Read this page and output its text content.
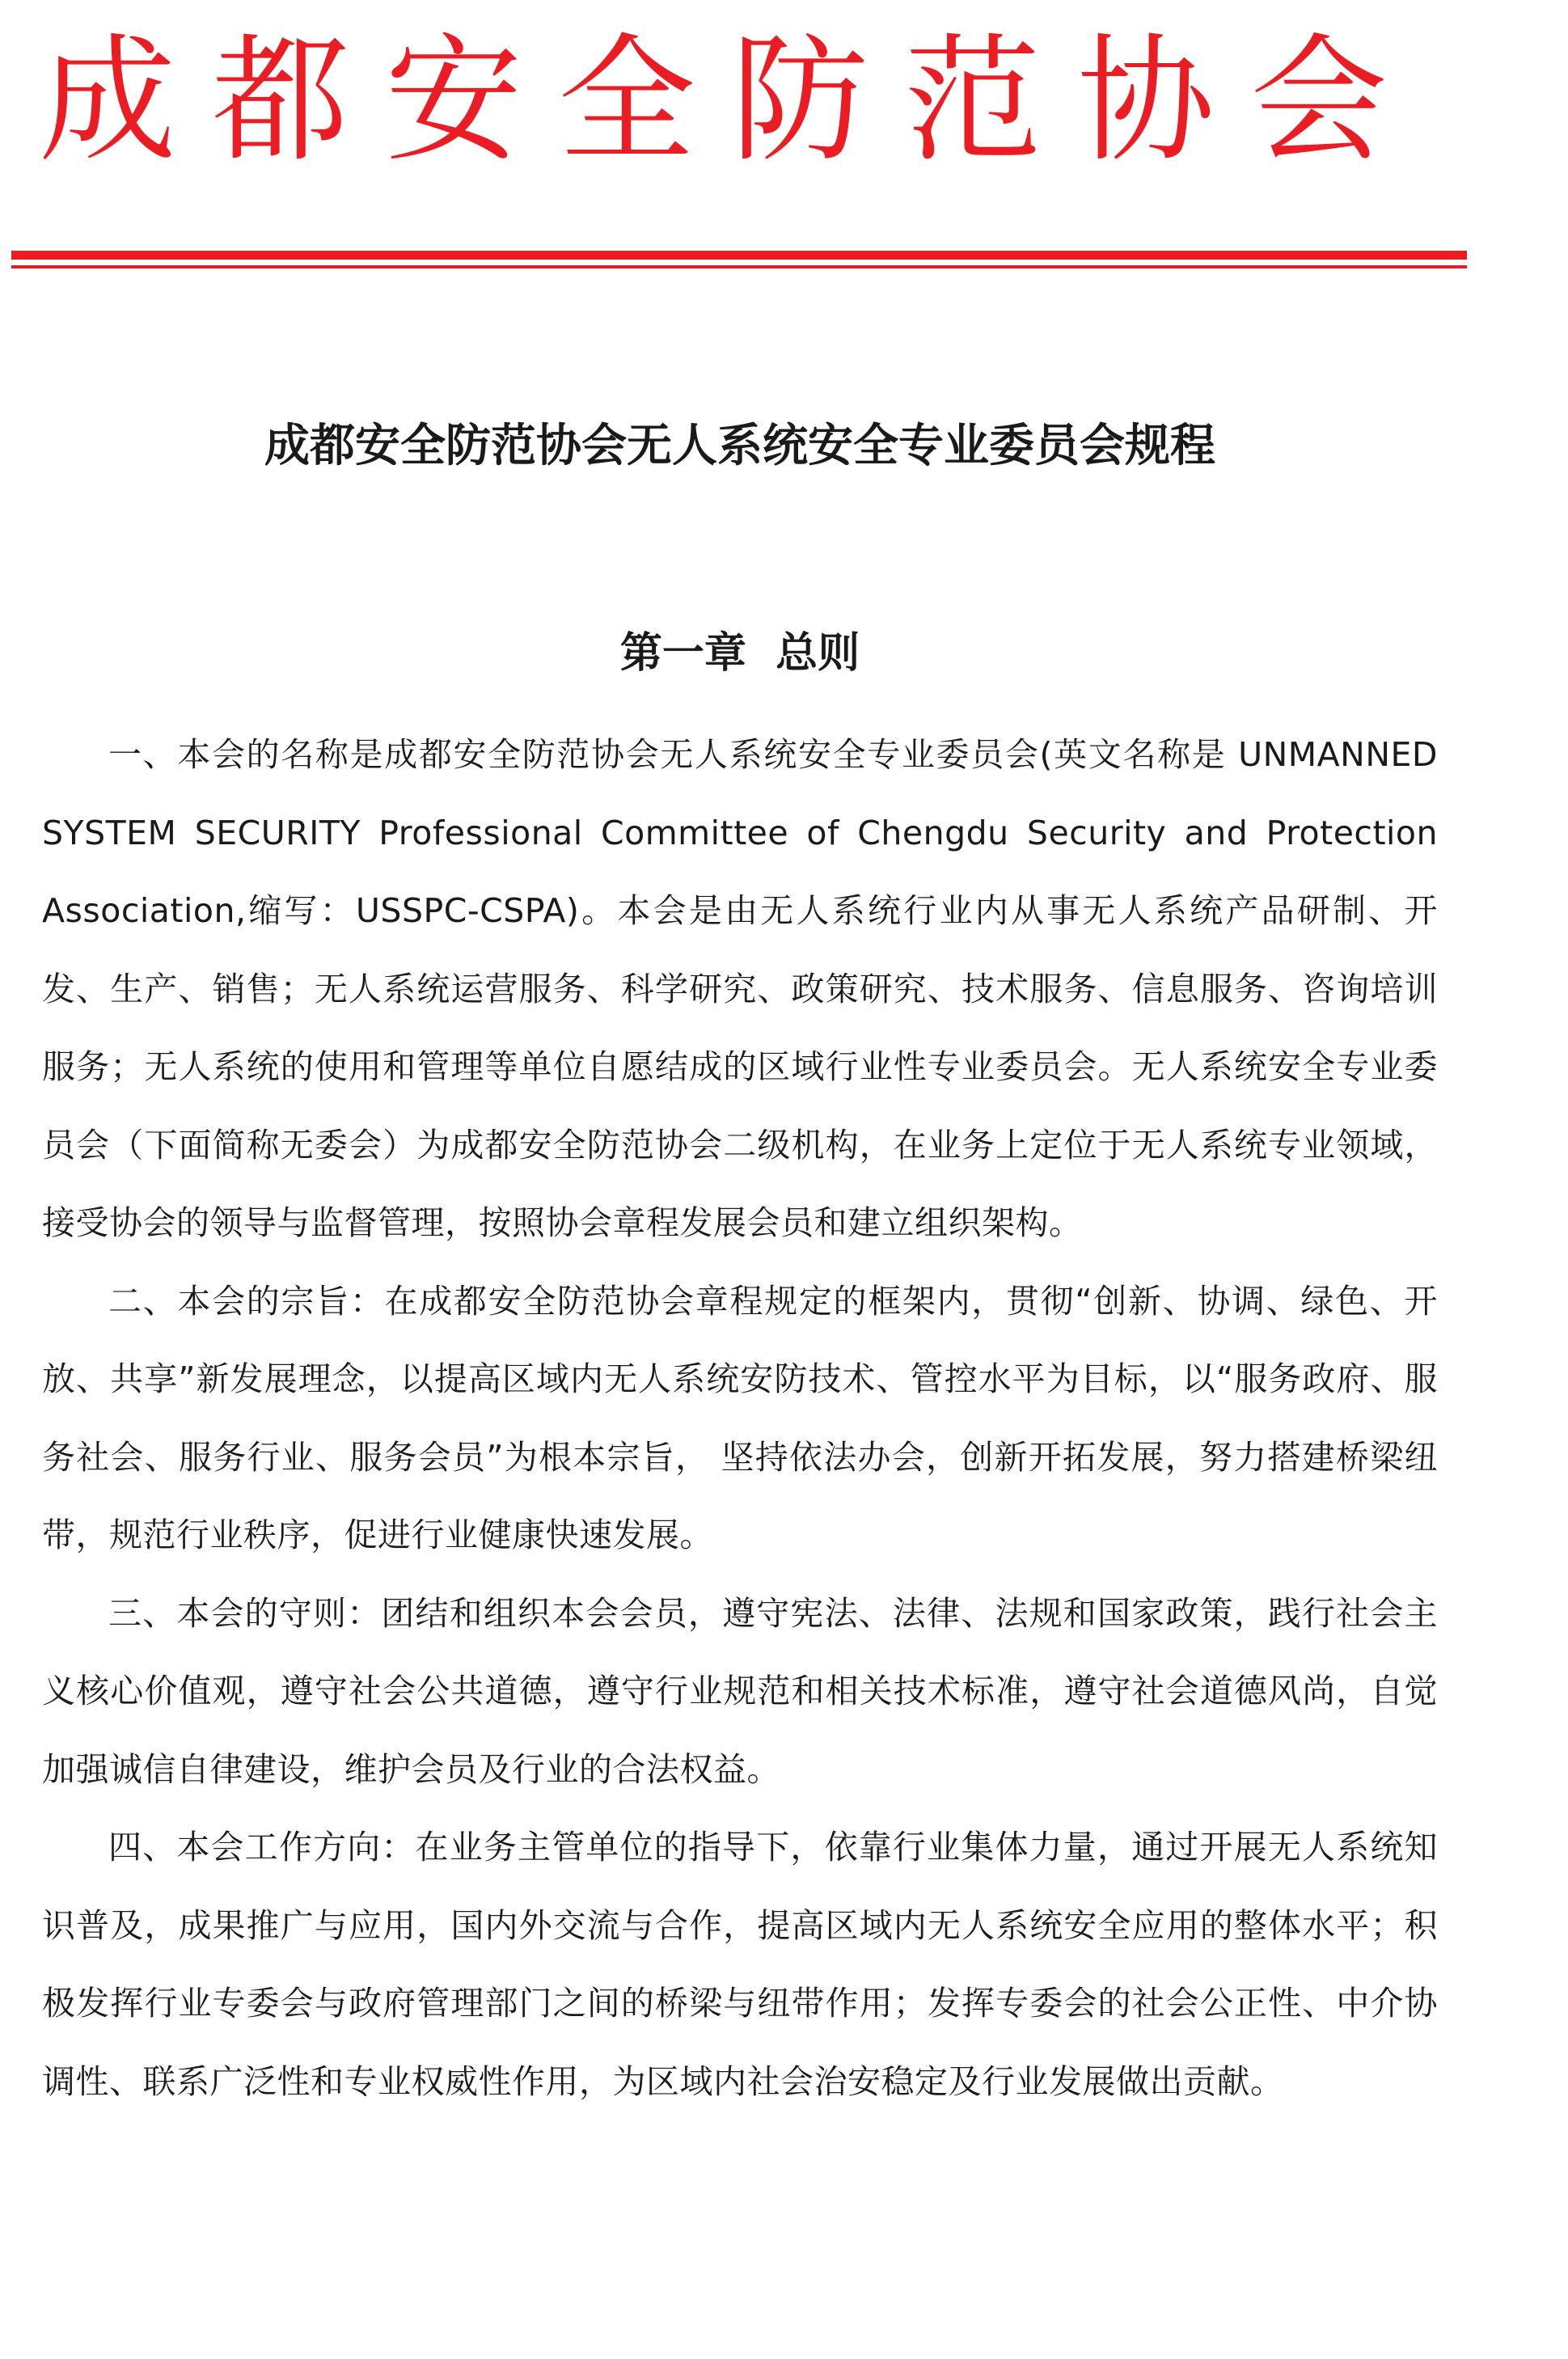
成都安全防范协会
成都安全防范协会无人系统安全专业委员会规程
第一章  总则

一、本会的名称是成都安全防范协会无人系统安全专业委员会(英文名称是 UNMANNED SYSTEM SECURITY Professional Committee of Chengdu Security and Protection Association,缩写：USSPC-CSPA)。本会是由无人系统行业内从事无人系统产品研制、开发、生产、销售；无人系统运营服务、科学研究、政策研究、技术服务、信息服务、咨询培训服务；无人系统的使用和管理等单位自愿结成的区域行业性专业委员会。无人系统安全专业委员会（下面简称无委会）为成都安全防范协会二级机构，在业务上定位于无人系统专业领域， 接受协会的领导与监督管理，按照协会章程发展会员和建立组织架构。

二、本会的宗旨：在成都安全防范协会章程规定的框架内，贯彻“创新、协调、绿色、开放、共享”新发展理念，以提高区域内无人系统安防技术、管控水平为目标，以“服务政府、服务社会、服务行业、服务会员”为根本宗旨， 坚持依法办会，创新开拓发展，努力搭建桥梁纽带，规范行业秩序，促进行业健康快速发展。

三、本会的守则：团结和组织本会会员，遵守宪法、法律、法规和国家政策，践行社会主义核心价值观，遵守社会公共道德，遵守行业规范和相关技术标准，遵守社会道德风尚，自觉加强诚信自律建设，维护会员及行业的合法权益。

四、本会工作方向：在业务主管单位的指导下，依靠行业集体力量，通过开展无人系统知识普及，成果推广与应用，国内外交流与合作，提高区域内无人系统安全应用的整体水平；积极发挥行业专委会与政府管理部门之间的桥梁与纽带作用；发挥专委会的社会公正性、中介协调性、联系广泛性和专业权威性作用，为区域内社会治安稳定及行业发展做出贡献。
